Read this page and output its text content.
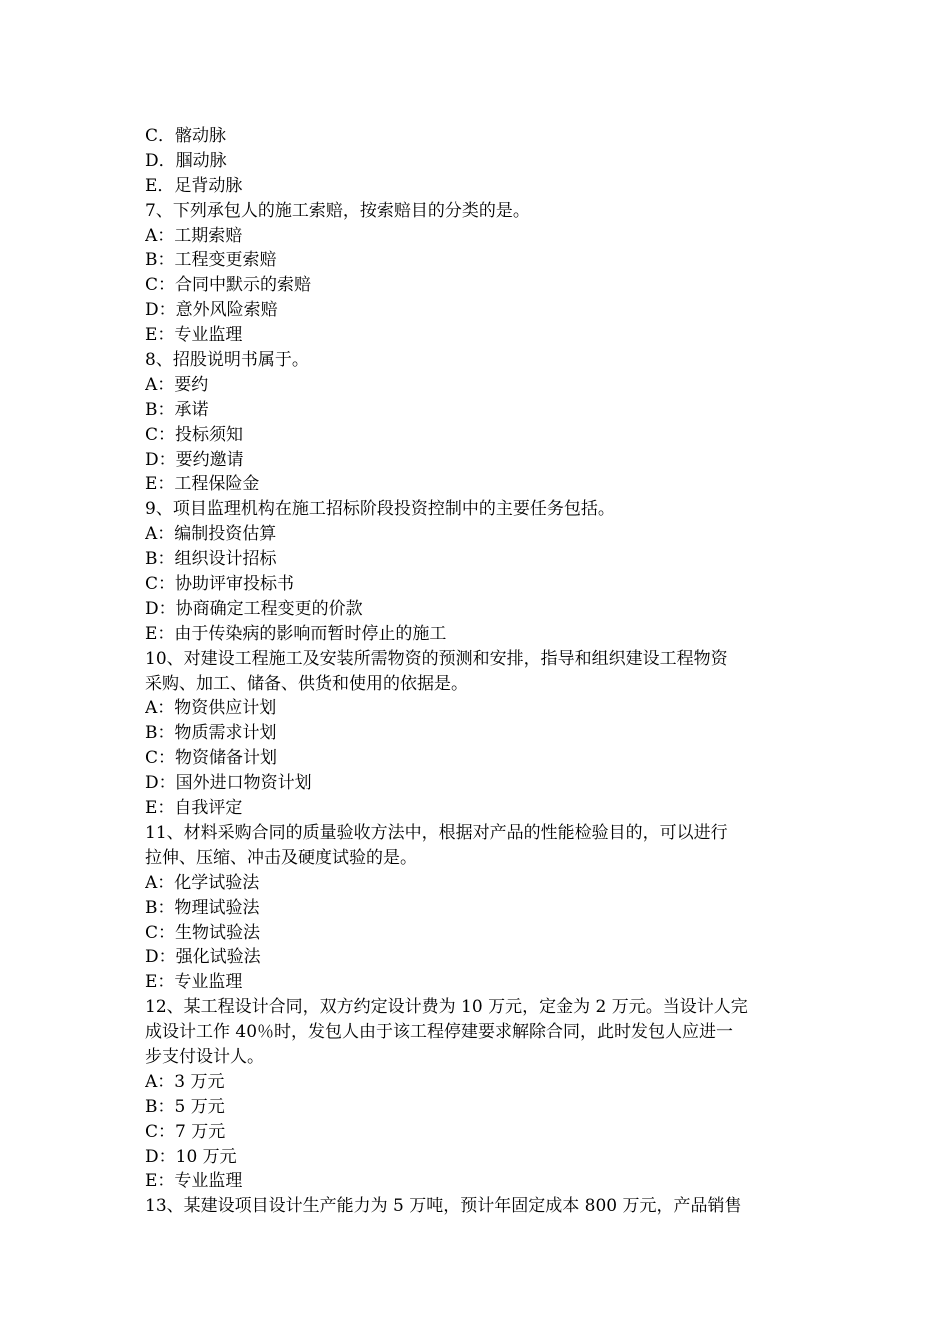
C．髂动脉
D．腘动脉
E．足背动脉
7、下列承包人的施工索赔，按索赔目的分类的是。
A：工期索赔
B：工程变更索赔
C：合同中默示的索赔
D：意外风险索赔
E：专业监理
8、招股说明书属于。
A：要约
B：承诺
C：投标须知
D：要约邀请
E：工程保险金
9、项目监理机构在施工招标阶段投资控制中的主要任务包括。
A：编制投资估算
B：组织设计招标
C：协助评审投标书
D：协商确定工程变更的价款
E：由于传染病的影响而暂时停止的施工
10、对建设工程施工及安装所需物资的预测和安排，指导和组织建设工程物资
采购、加工、储备、供货和使用的依据是。
A：物资供应计划
B：物质需求计划
C：物资储备计划
D：国外进口物资计划
E：自我评定
11、材料采购合同的质量验收方法中，根据对产品的性能检验目的，可以进行
拉伸、压缩、冲击及硬度试验的是。
A：化学试验法
B：物理试验法
C：生物试验法
D：强化试验法
E：专业监理
12、某工程设计合同，双方约定设计费为 10 万元，定金为 2 万元。当设计人完
成设计工作 40％时，发包人由于该工程停建要求解除合同，此时发包人应进一
步支付设计人。
A：3 万元
B：5 万元
C：7 万元
D：10 万元
E：专业监理
13、某建设项目设计生产能力为 5 万吨，预计年固定成本 800 万元，产品销售
